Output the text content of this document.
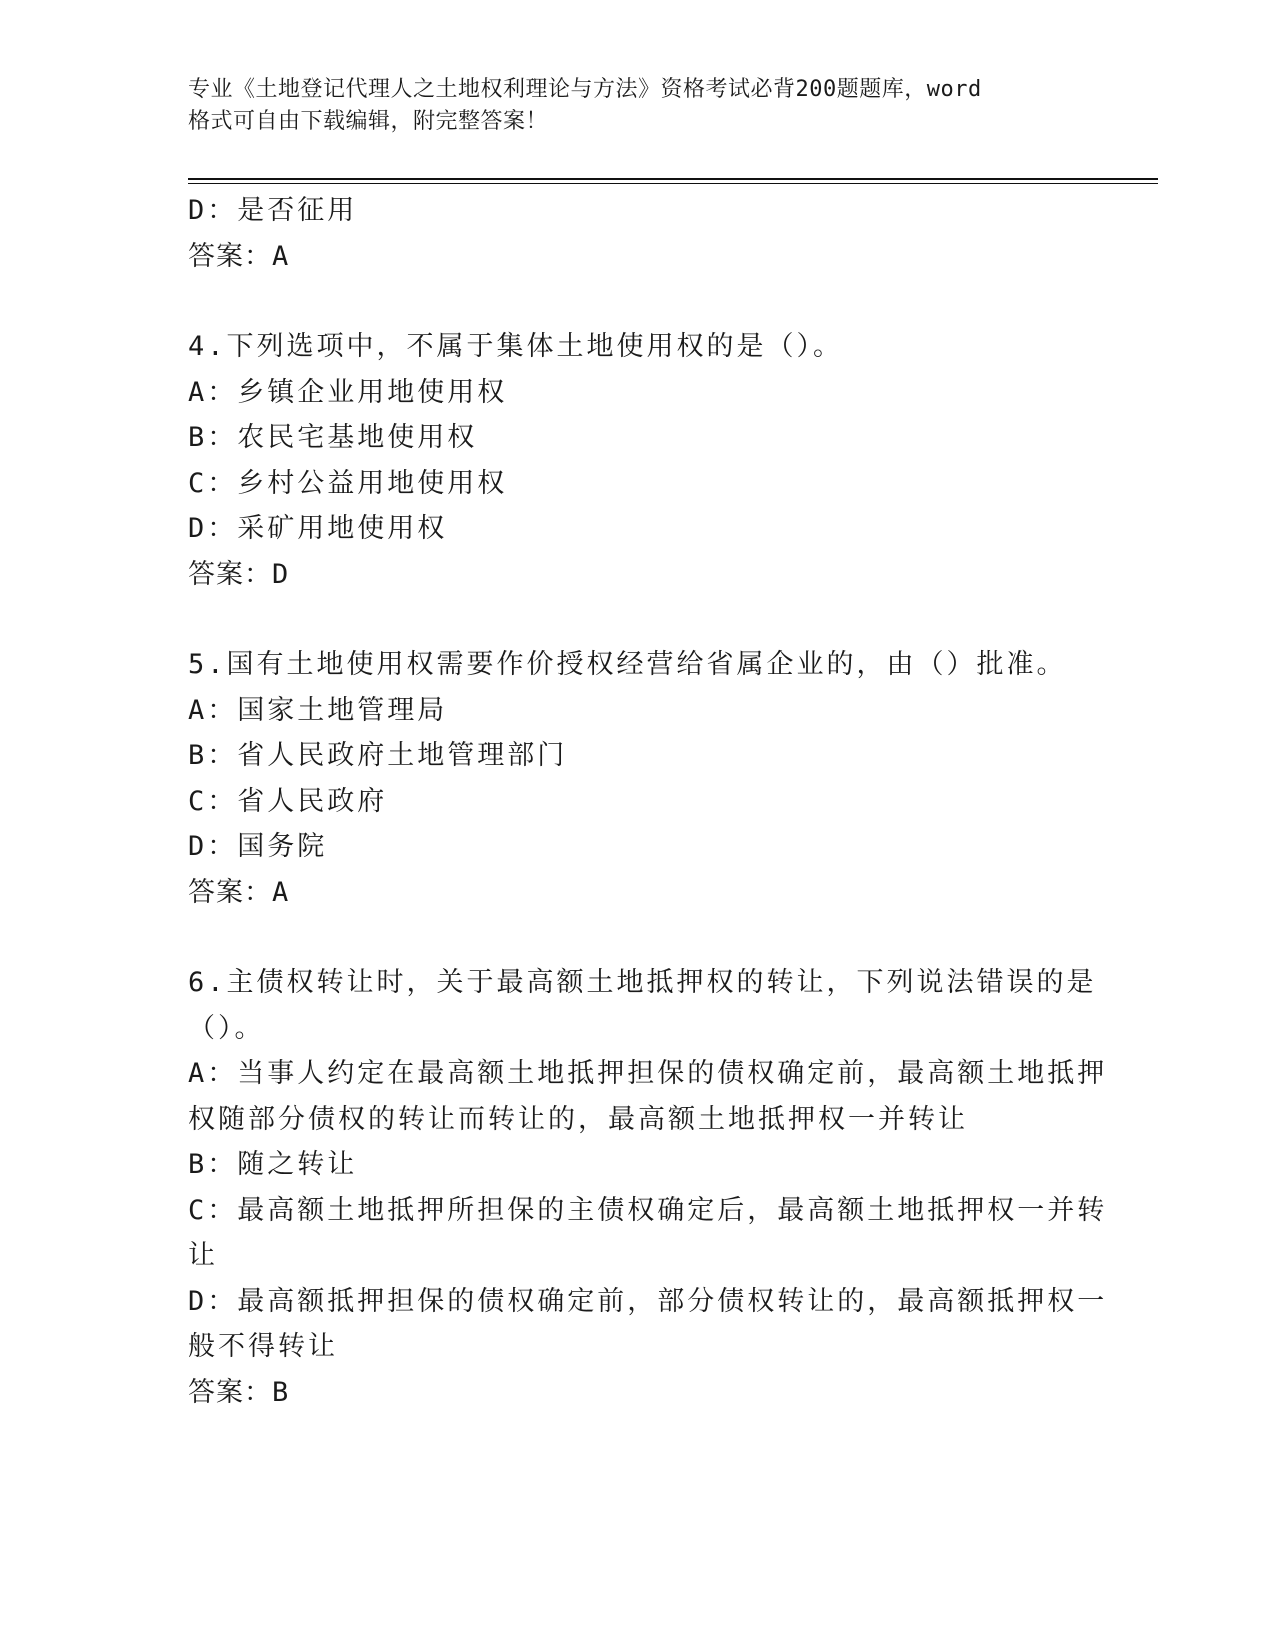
专业《土地登记代理人之土地权利理论与方法》资格考试必背200题题库，word
格式可自由下载编辑，附完整答案！
D：是否征用
答案：A
4.下列选项中，不属于集体土地使用权的是（）。
A：乡镇企业用地使用权
B：农民宅基地使用权
C：乡村公益用地使用权
D：采矿用地使用权
答案：D
5.国有土地使用权需要作价授权经营给省属企业的，由（）批准。
A：国家土地管理局
B：省人民政府土地管理部门
C：省人民政府
D：国务院
答案：A
6.主债权转让时，关于最高额土地抵押权的转让，下列说法错误的是
（）。
A：当事人约定在最高额土地抵押担保的债权确定前，最高额土地抵押
权随部分债权的转让而转让的，最高额土地抵押权一并转让
B：随之转让
C：最高额土地抵押所担保的主债权确定后，最高额土地抵押权一并转
让
D：最高额抵押担保的债权确定前，部分债权转让的，最高额抵押权一
般不得转让
答案：B
